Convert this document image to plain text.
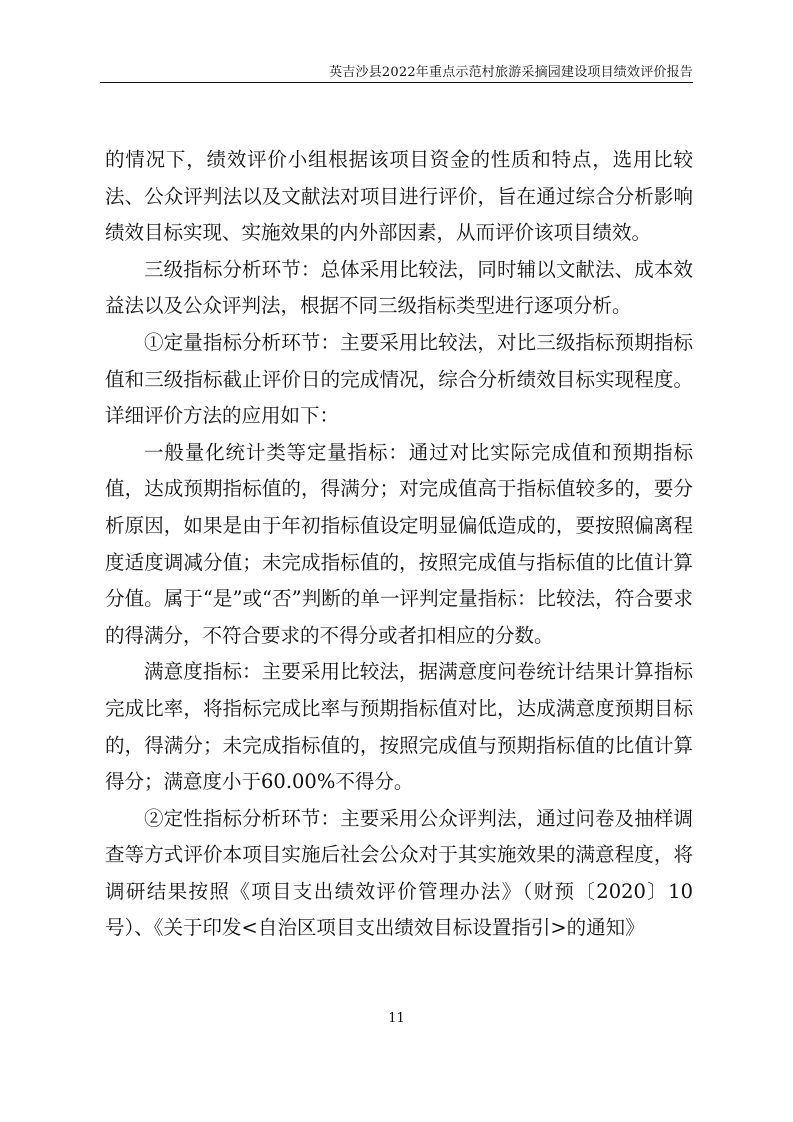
英吉沙县2022年重点示范村旅游采摘园建设项目绩效评价报告

的情况下，绩效评价小组根据该项目资金的性质和特点，选用比较法、公众评判法以及文献法对项目进行评价，旨在通过综合分析影响绩效目标实现、实施效果的内外部因素，从而评价该项目绩效。

三级指标分析环节：总体采用比较法，同时辅以文献法、成本效益法以及公众评判法，根据不同三级指标类型进行逐项分析。

①定量指标分析环节：主要采用比较法，对比三级指标预期指标值和三级指标截止评价日的完成情况，综合分析绩效目标实现程度。详细评价方法的应用如下：

一般量化统计类等定量指标：通过对比实际完成值和预期指标值，达成预期指标值的，得满分；对完成值高于指标值较多的，要分析原因，如果是由于年初指标值设定明显偏低造成的，要按照偏离程度适度调减分值；未完成指标值的，按照完成值与指标值的比值计算分值。属于“是”或“否”判断的单一评判定量指标：比较法，符合要求的得满分，不符合要求的不得分或者扣相应的分数。

满意度指标：主要采用比较法，据满意度问卷统计结果计算指标完成比率，将指标完成比率与预期指标值对比，达成满意度预期目标的，得满分；未完成指标值的，按照完成值与预期指标值的比值计算得分；满意度小于60.00%不得分。

②定性指标分析环节：主要采用公众评判法，通过问卷及抽样调查等方式评价本项目实施后社会公众对于其实施效果的满意程度，将调研结果按照《项目支出绩效评价管理办法》（财预〔2020〕10号）、《关于印发<自治区项目支出绩效目标设置指引>的通知》

11
